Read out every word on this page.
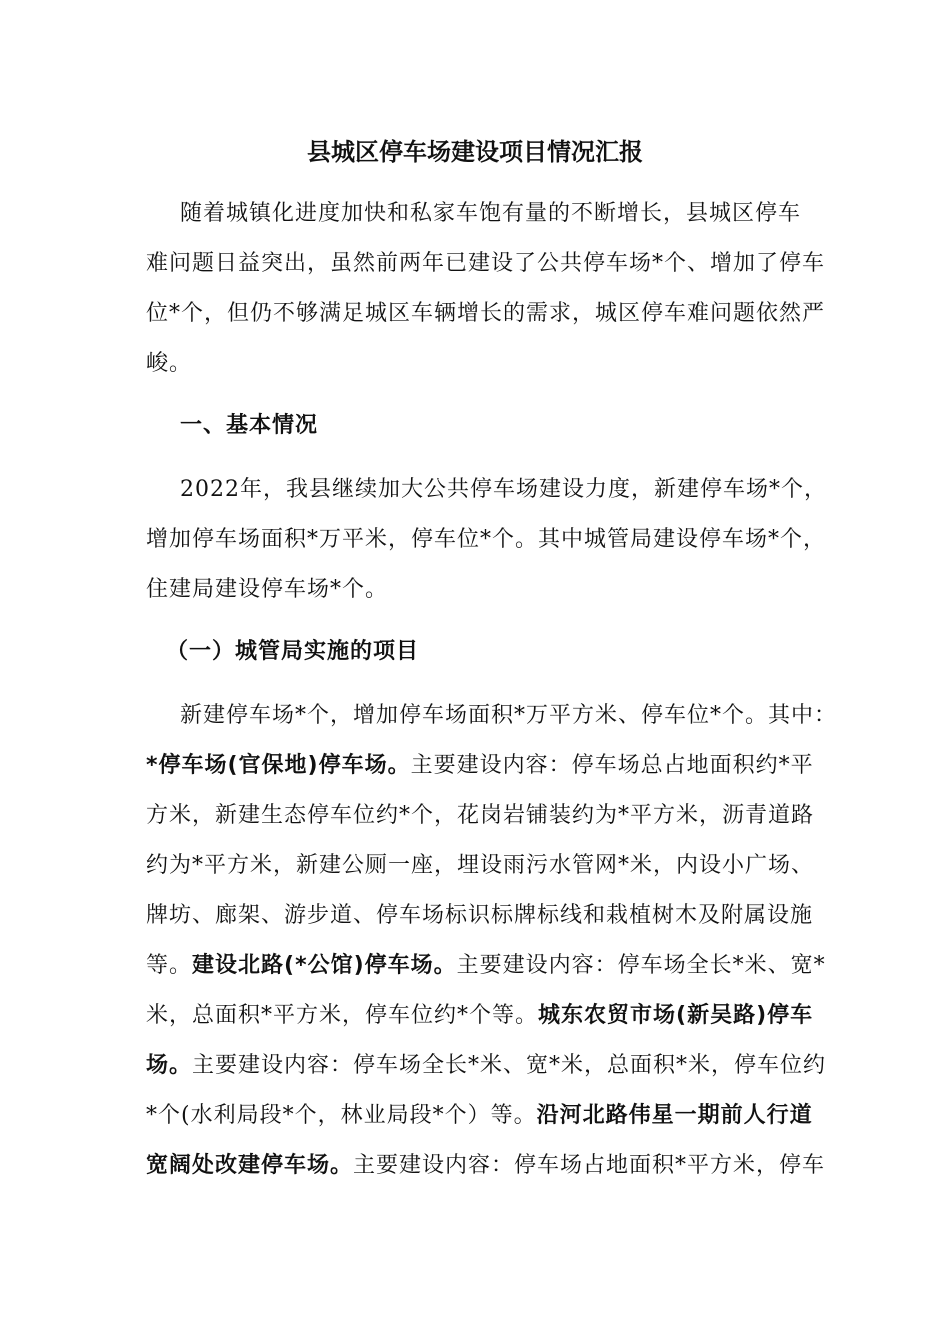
县城区停车场建设项目情况汇报
随着城镇化进度加快和私家车饱有量的不断增长，县城区停车
难问题日益突出，虽然前两年已建设了公共停车场*个、增加了停车
位*个，但仍不够满足城区车辆增长的需求，城区停车难问题依然严
峻。
一、基本情况
2022年，我县继续加大公共停车场建设力度，新建停车场*个，
增加停车场面积*万平米，停车位*个。其中城管局建设停车场*个，
住建局建设停车场*个。
（一）城管局实施的项目
新建停车场*个，增加停车场面积*万平方米、停车位*个。其中：
*停车场(官保地)停车场。主要建设内容：停车场总占地面积约*平
方米，新建生态停车位约*个，花岗岩铺装约为*平方米，沥青道路
约为*平方米，新建公厕一座，埋设雨污水管网*米，内设小广场、
牌坊、廊架、游步道、停车场标识标牌标线和栽植树木及附属设施
等。建设北路(*公馆)停车场。主要建设内容：停车场全长*米、宽*
米，总面积*平方米，停车位约*个等。城东农贸市场(新吴路)停车
场。主要建设内容：停车场全长*米、宽*米，总面积*米，停车位约
*个(水利局段*个，林业局段*个）等。沿河北路伟星一期前人行道
宽阔处改建停车场。主要建设内容：停车场占地面积*平方米，停车
